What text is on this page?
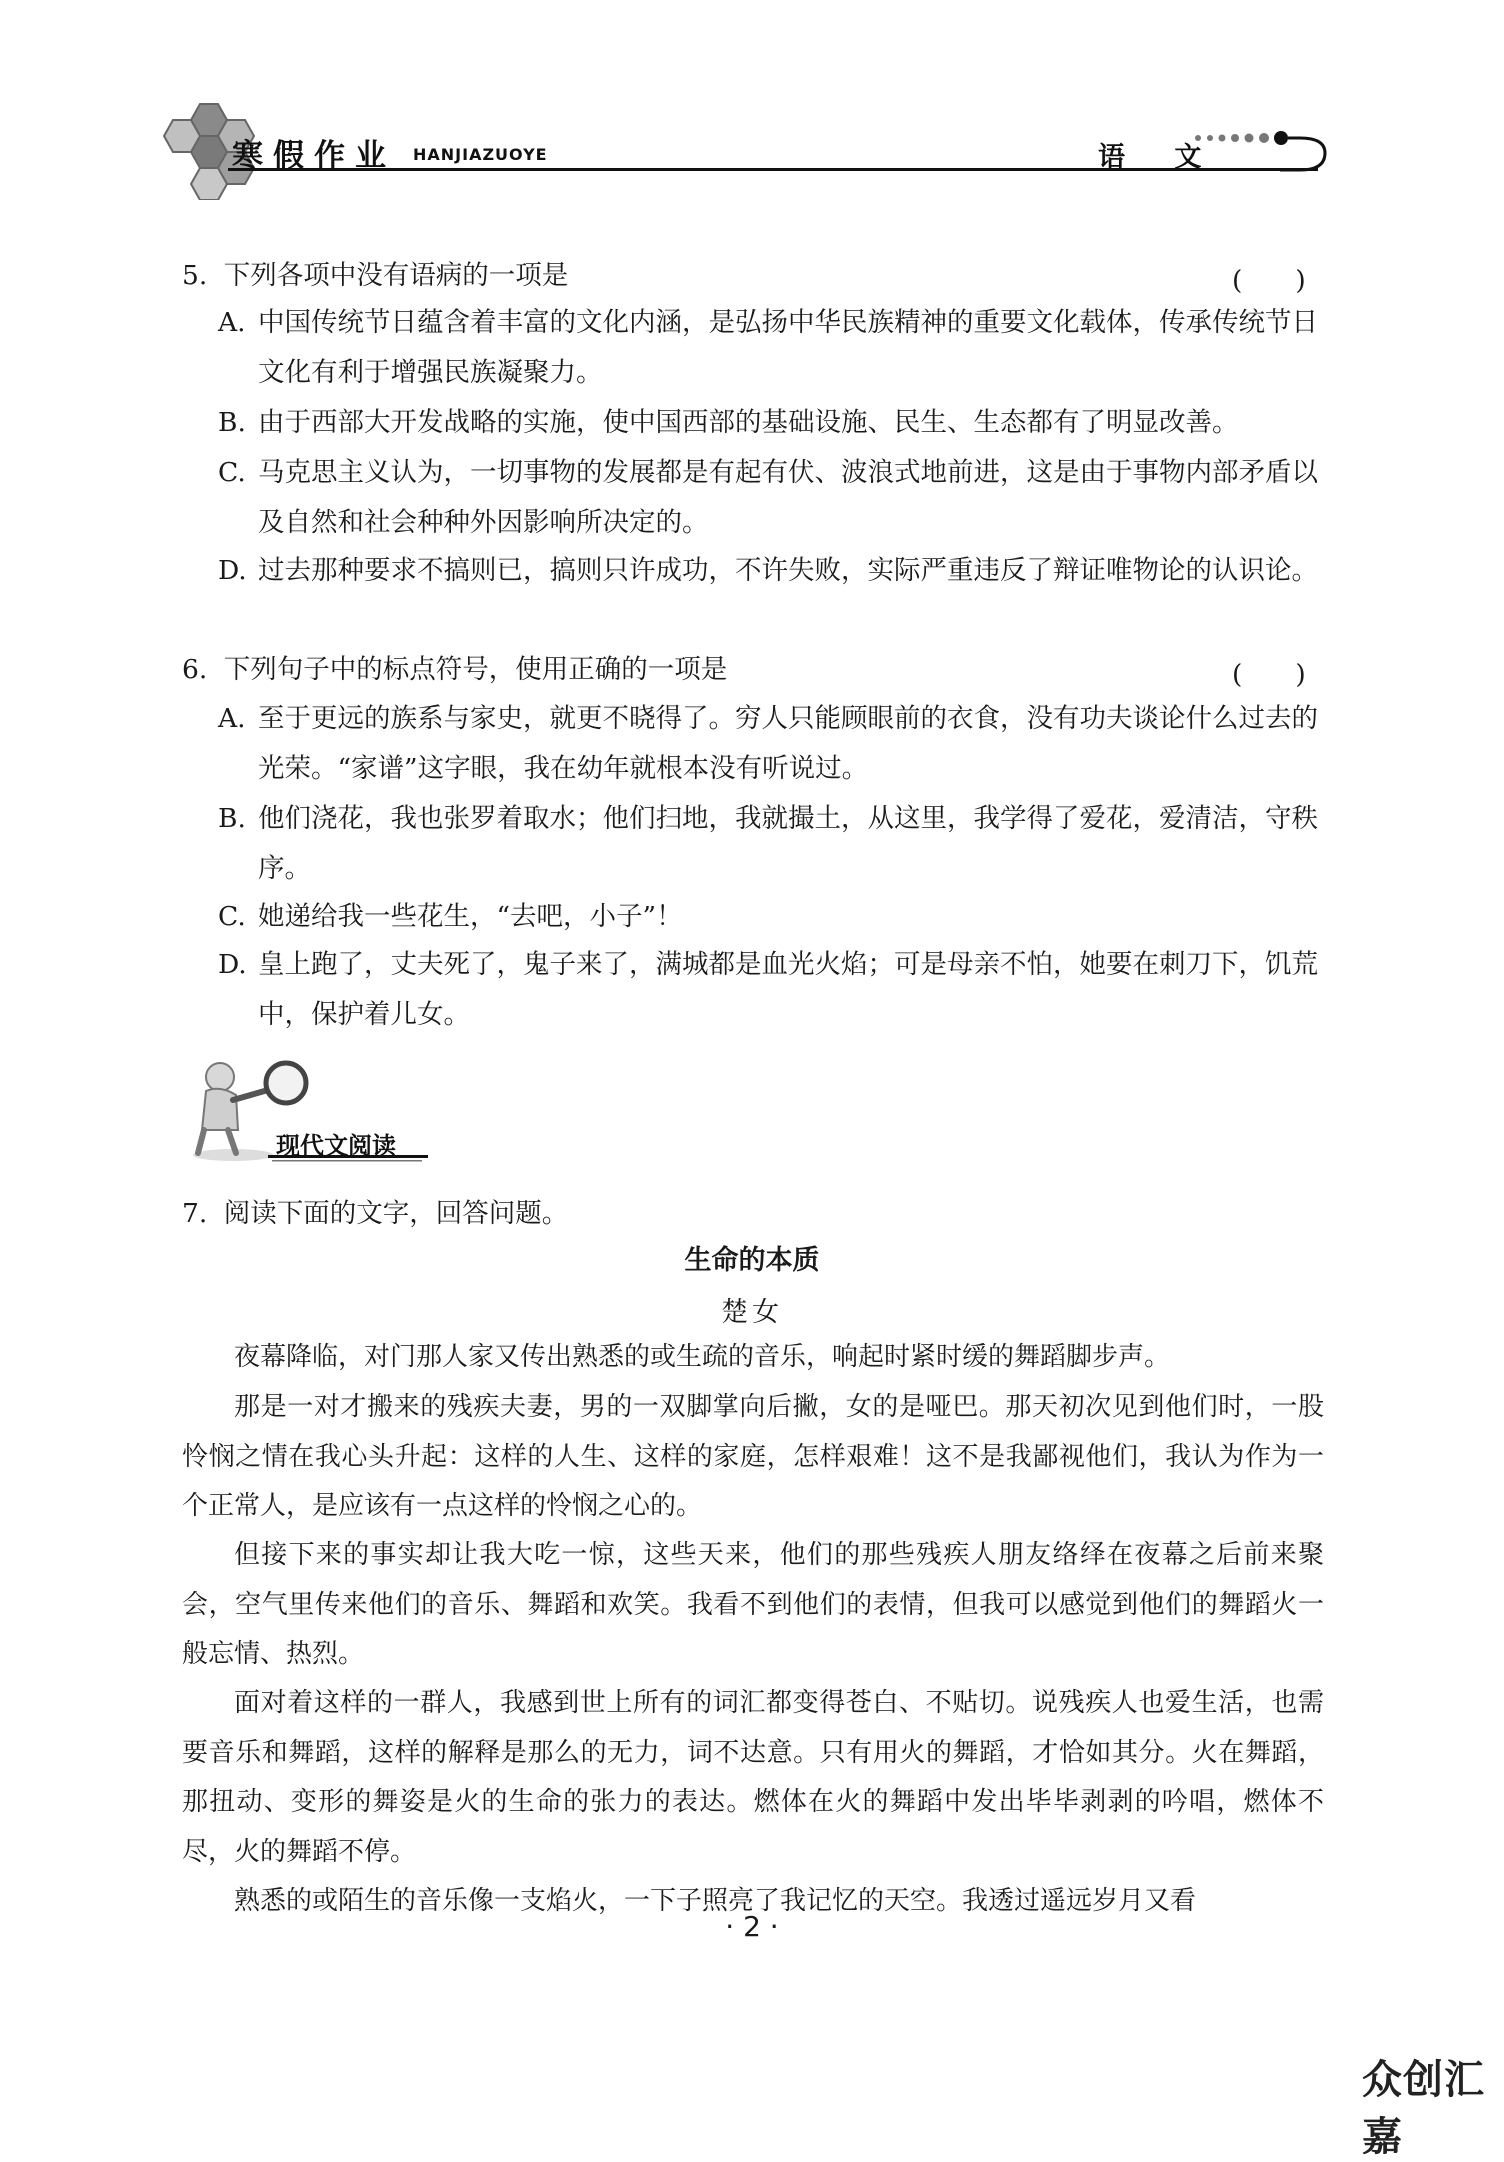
寒假作业 HANJIAZUOYE	语 文
5. 下列各项中没有语病的一项是	(　　)
A. 中国传统节日蕴含着丰富的文化内涵，是弘扬中华民族精神的重要文化载体，传承传统节日文化有利于增强民族凝聚力。
B. 由于西部大开发战略的实施，使中国西部的基础设施、民生、生态都有了明显改善。
C. 马克思主义认为，一切事物的发展都是有起有伏、波浪式地前进，这是由于事物内部矛盾以及自然和社会种种外因影响所决定的。
D. 过去那种要求不搞则已，搞则只许成功，不许失败，实际严重违反了辩证唯物论的认识论。
6. 下列句子中的标点符号，使用正确的一项是	(　　)
A. 至于更远的族系与家史，就更不晓得了。穷人只能顾眼前的衣食，没有功夫谈论什么过去的光荣。“家谱”这字眼，我在幼年就根本没有听说过。
B. 他们浇花，我也张罗着取水；他们扫地，我就撮土，从这里，我学得了爱花，爱清洁，守秩序。
C. 她递给我一些花生，“去吧，小子”！
D. 皇上跑了，丈夫死了，鬼子来了，满城都是血光火焰；可是母亲不怕，她要在刺刀下，饥荒中，保护着儿女。
现代文阅读
7. 阅读下面的文字，回答问题。
生命的本质
楚女
夜幕降临，对门那人家又传出熟悉的或生疏的音乐，响起时紧时缓的舞蹈脚步声。
那是一对才搬来的残疾夫妻，男的一双脚掌向后撇，女的是哑巴。那天初次见到他们时，一股怜悯之情在我心头升起：这样的人生、这样的家庭，怎样艰难！这不是我鄙视他们，我认为作为一个正常人，是应该有一点这样的怜悯之心的。
但接下来的事实却让我大吃一惊，这些天来，他们的那些残疾人朋友络绎在夜幕之后前来聚会，空气里传来他们的音乐、舞蹈和欢笑。我看不到他们的表情，但我可以感觉到他们的舞蹈火一般忘情、热烈。
面对着这样的一群人，我感到世上所有的词汇都变得苍白、不贴切。说残疾人也爱生活，也需要音乐和舞蹈，这样的解释是那么的无力，词不达意。只有用火的舞蹈，才恰如其分。火在舞蹈，那扭动、变形的舞姿是火的生命的张力的表达。燃体在火的舞蹈中发出毕毕剥剥的吟唱，燃体不尽，火的舞蹈不停。
熟悉的或陌生的音乐像一支焰火，一下子照亮了我记忆的天空。我透过遥远岁月又看
· 2 ·
众创汇嘉
